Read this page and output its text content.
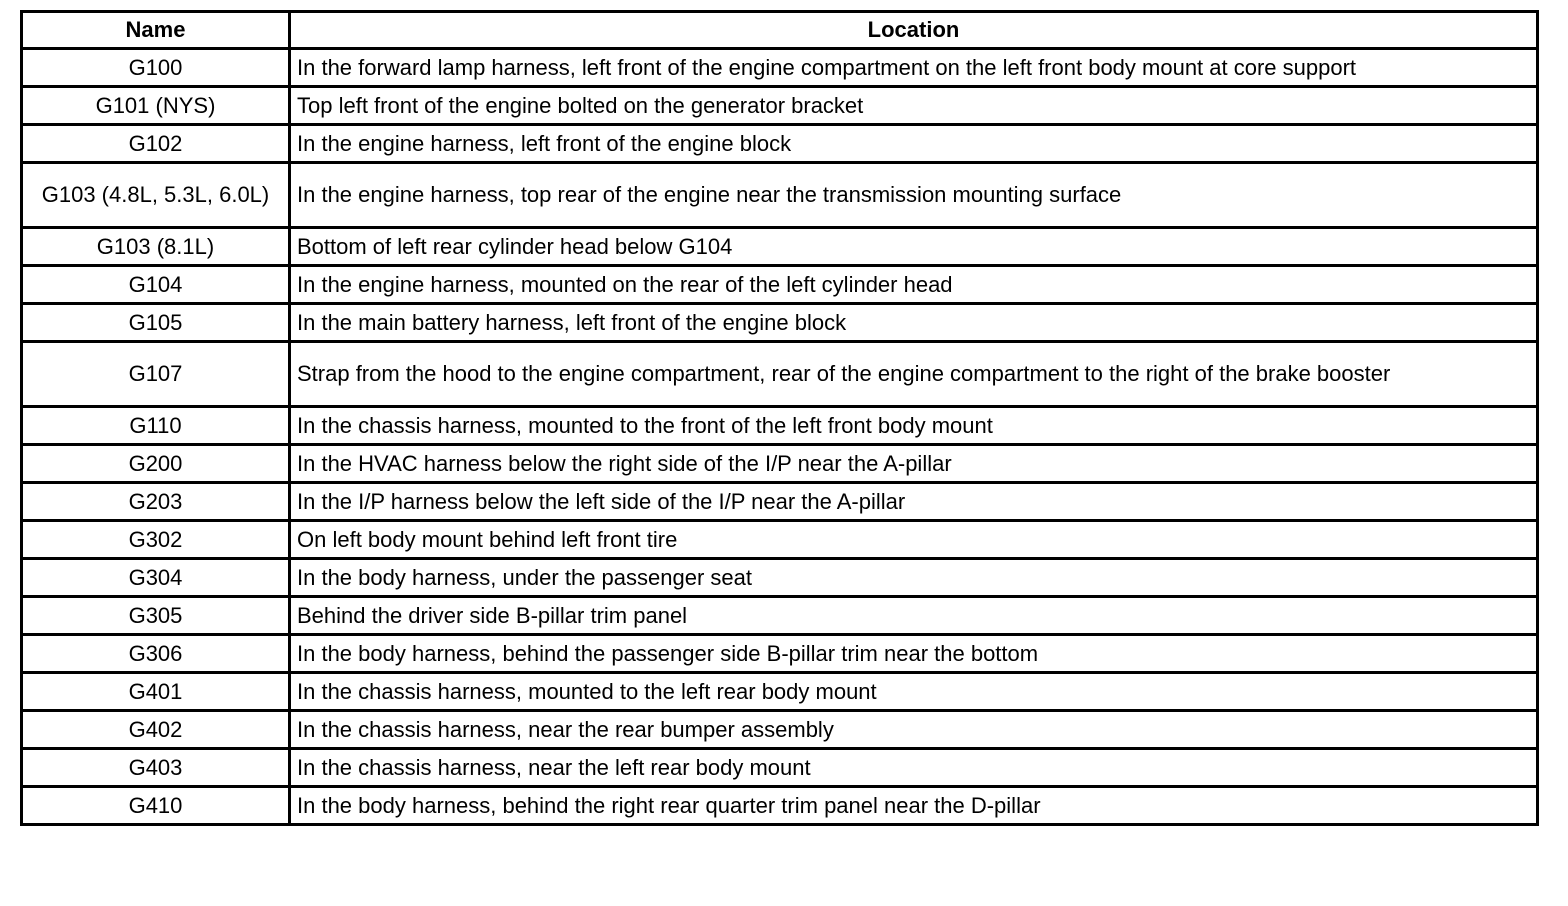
Name	Location
G100	In the forward lamp harness, left front of the engine compartment on the left front body mount at core support
G101 (NYS)	Top left front of the engine bolted on the generator bracket
G102	In the engine harness, left front of the engine block
G103 (4.8L, 5.3L, 6.0L)	In the engine harness, top rear of the engine near the transmission mounting surface
G103 (8.1L)	Bottom of left rear cylinder head below G104
G104	In the engine harness, mounted on the rear of the left cylinder head
G105	In the main battery harness, left front of the engine block
G107	Strap from the hood to the engine compartment, rear of the engine compartment to the right of the brake booster
G110	In the chassis harness, mounted to the front of the left front body mount
G200	In the HVAC harness below the right side of the I/P near the A-pillar
G203	In the I/P harness below the left side of the I/P near the A-pillar
G302	On left body mount behind left front tire
G304	In the body harness, under the passenger seat
G305	Behind the driver side B-pillar trim panel
G306	In the body harness, behind the passenger side B-pillar trim near the bottom
G401	In the chassis harness, mounted to the left rear body mount
G402	In the chassis harness, near the rear bumper assembly
G403	In the chassis harness, near the left rear body mount
G410	In the body harness, behind the right rear quarter trim panel near the D-pillar
